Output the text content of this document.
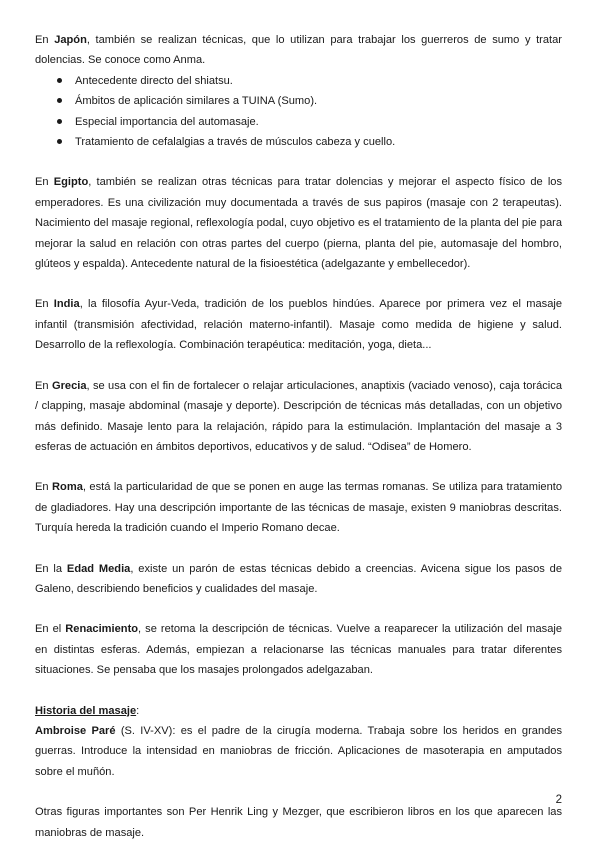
En Japón, también se realizan técnicas, que lo utilizan para trabajar los guerreros de sumo y tratar dolencias. Se conoce como Anma.

Antecedente directo del shiatsu.
Ámbitos de aplicación similares a TUINA (Sumo).
Especial importancia del automasaje.
Tratamiento de cefalalgias a través de músculos cabeza y cuello.

En Egipto, también se realizan otras técnicas para tratar dolencias y mejorar el aspecto físico de los emperadores. Es una civilización muy documentada a través de sus papiros (masaje con 2 terapeutas). Nacimiento del masaje regional, reflexología podal, cuyo objetivo es el tratamiento de la planta del pie para mejorar la salud en relación con otras partes del cuerpo (pierna, planta del pie, automasaje del hombro, glúteos y espalda). Antecedente natural de la fisioestética (adelgazante y embellecedor).

En India, la filosofía Ayur-Veda, tradición de los pueblos hindúes. Aparece por primera vez el masaje infantil (transmisión afectividad, relación materno-infantil). Masaje como medida de higiene y salud. Desarrollo de la reflexología. Combinación terapéutica: meditación, yoga, dieta...

En Grecia, se usa con el fin de fortalecer o relajar articulaciones, anaptixis (vaciado venoso), caja torácica / clapping, masaje abdominal (masaje y deporte). Descripción de técnicas más detalladas, con un objetivo más definido. Masaje lento para la relajación, rápido para la estimulación. Implantación del masaje a 3 esferas de actuación en ámbitos deportivos, educativos y de salud. “Odisea” de Homero.

En Roma, está la particularidad de que se ponen en auge las termas romanas. Se utiliza para tratamiento de gladiadores. Hay una descripción importante de las técnicas de masaje, existen 9 maniobras descritas. Turquía hereda la tradición cuando el Imperio Romano decae.

En la Edad Media, existe un parón de estas técnicas debido a creencias. Avicena sigue los pasos de Galeno, describiendo beneficios y cualidades del masaje.

En el Renacimiento, se retoma la descripción de técnicas. Vuelve a reaparecer la utilización del masaje en distintas esferas. Además, empiezan a relacionarse las técnicas manuales para tratar diferentes situaciones. Se pensaba que los masajes prolongados adelgazaban.

Historia del masaje:

Ambroise Paré (S. IV-XV): es el padre de la cirugía moderna. Trabaja sobre los heridos en grandes guerras. Introduce la intensidad en maniobras de fricción. Aplicaciones de masoterapia en amputados sobre el muñón.

Otras figuras importantes son Per Henrik Ling y Mezger, que escribieron libros en los que aparecen las maniobras de masaje.

2
